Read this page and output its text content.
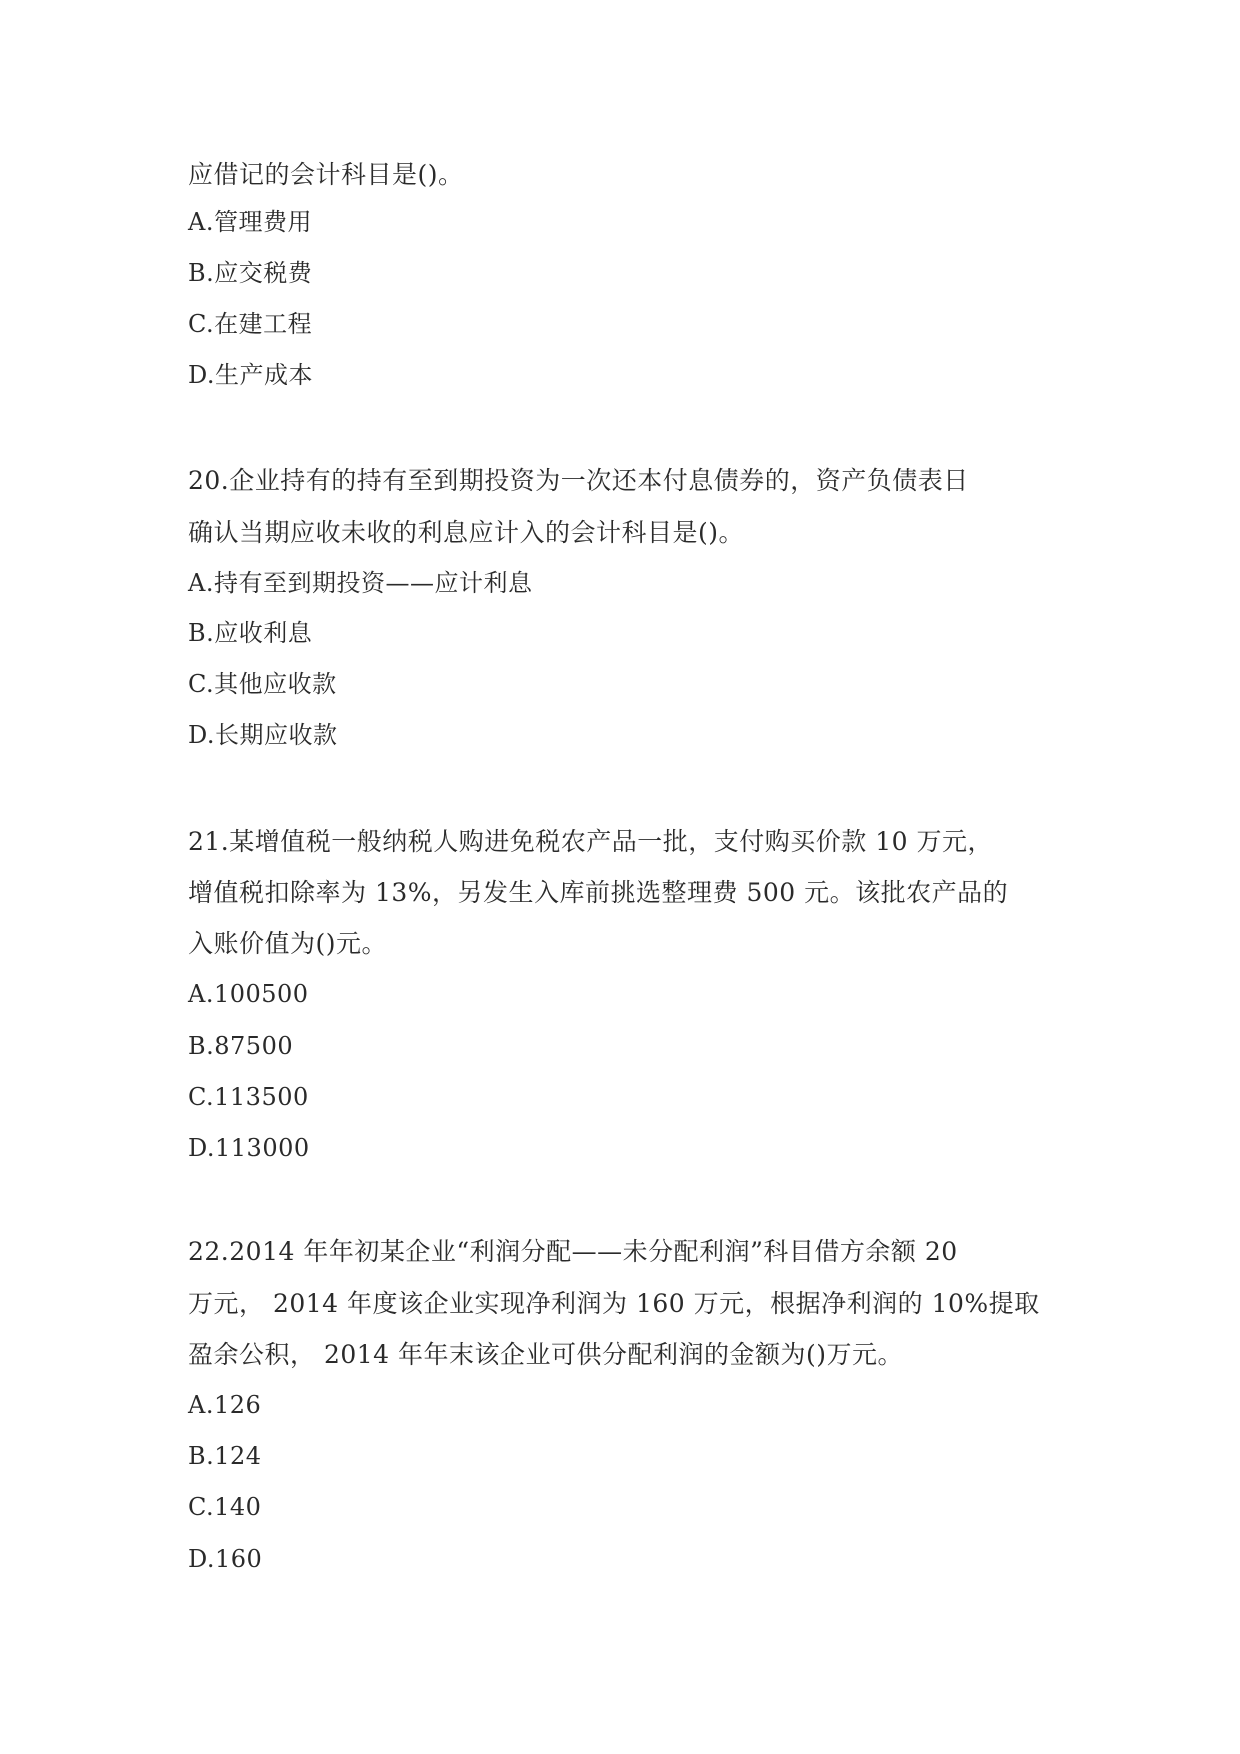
应借记的会计科目是()。
A.管理费用
B.应交税费
C.在建工程
D.生产成本
20.企业持有的持有至到期投资为一次还本付息债券的，资产负债表日
确认当期应收未收的利息应计入的会计科目是()。
A.持有至到期投资——应计利息
B.应收利息
C.其他应收款
D.长期应收款
21.某增值税一般纳税人购进免税农产品一批，支付购买价款 10 万元，
增值税扣除率为 13%，另发生入库前挑选整理费 500 元。该批农产品的
入账价值为()元。
A.100500
B.87500
C.113500
D.113000
22.2014 年年初某企业“利润分配——未分配利润”科目借方余额 20
万元， 2014 年度该企业实现净利润为 160 万元，根据净利润的 10%提取
盈余公积， 2014 年年末该企业可供分配利润的金额为()万元。
A.126
B.124
C.140
D.160
